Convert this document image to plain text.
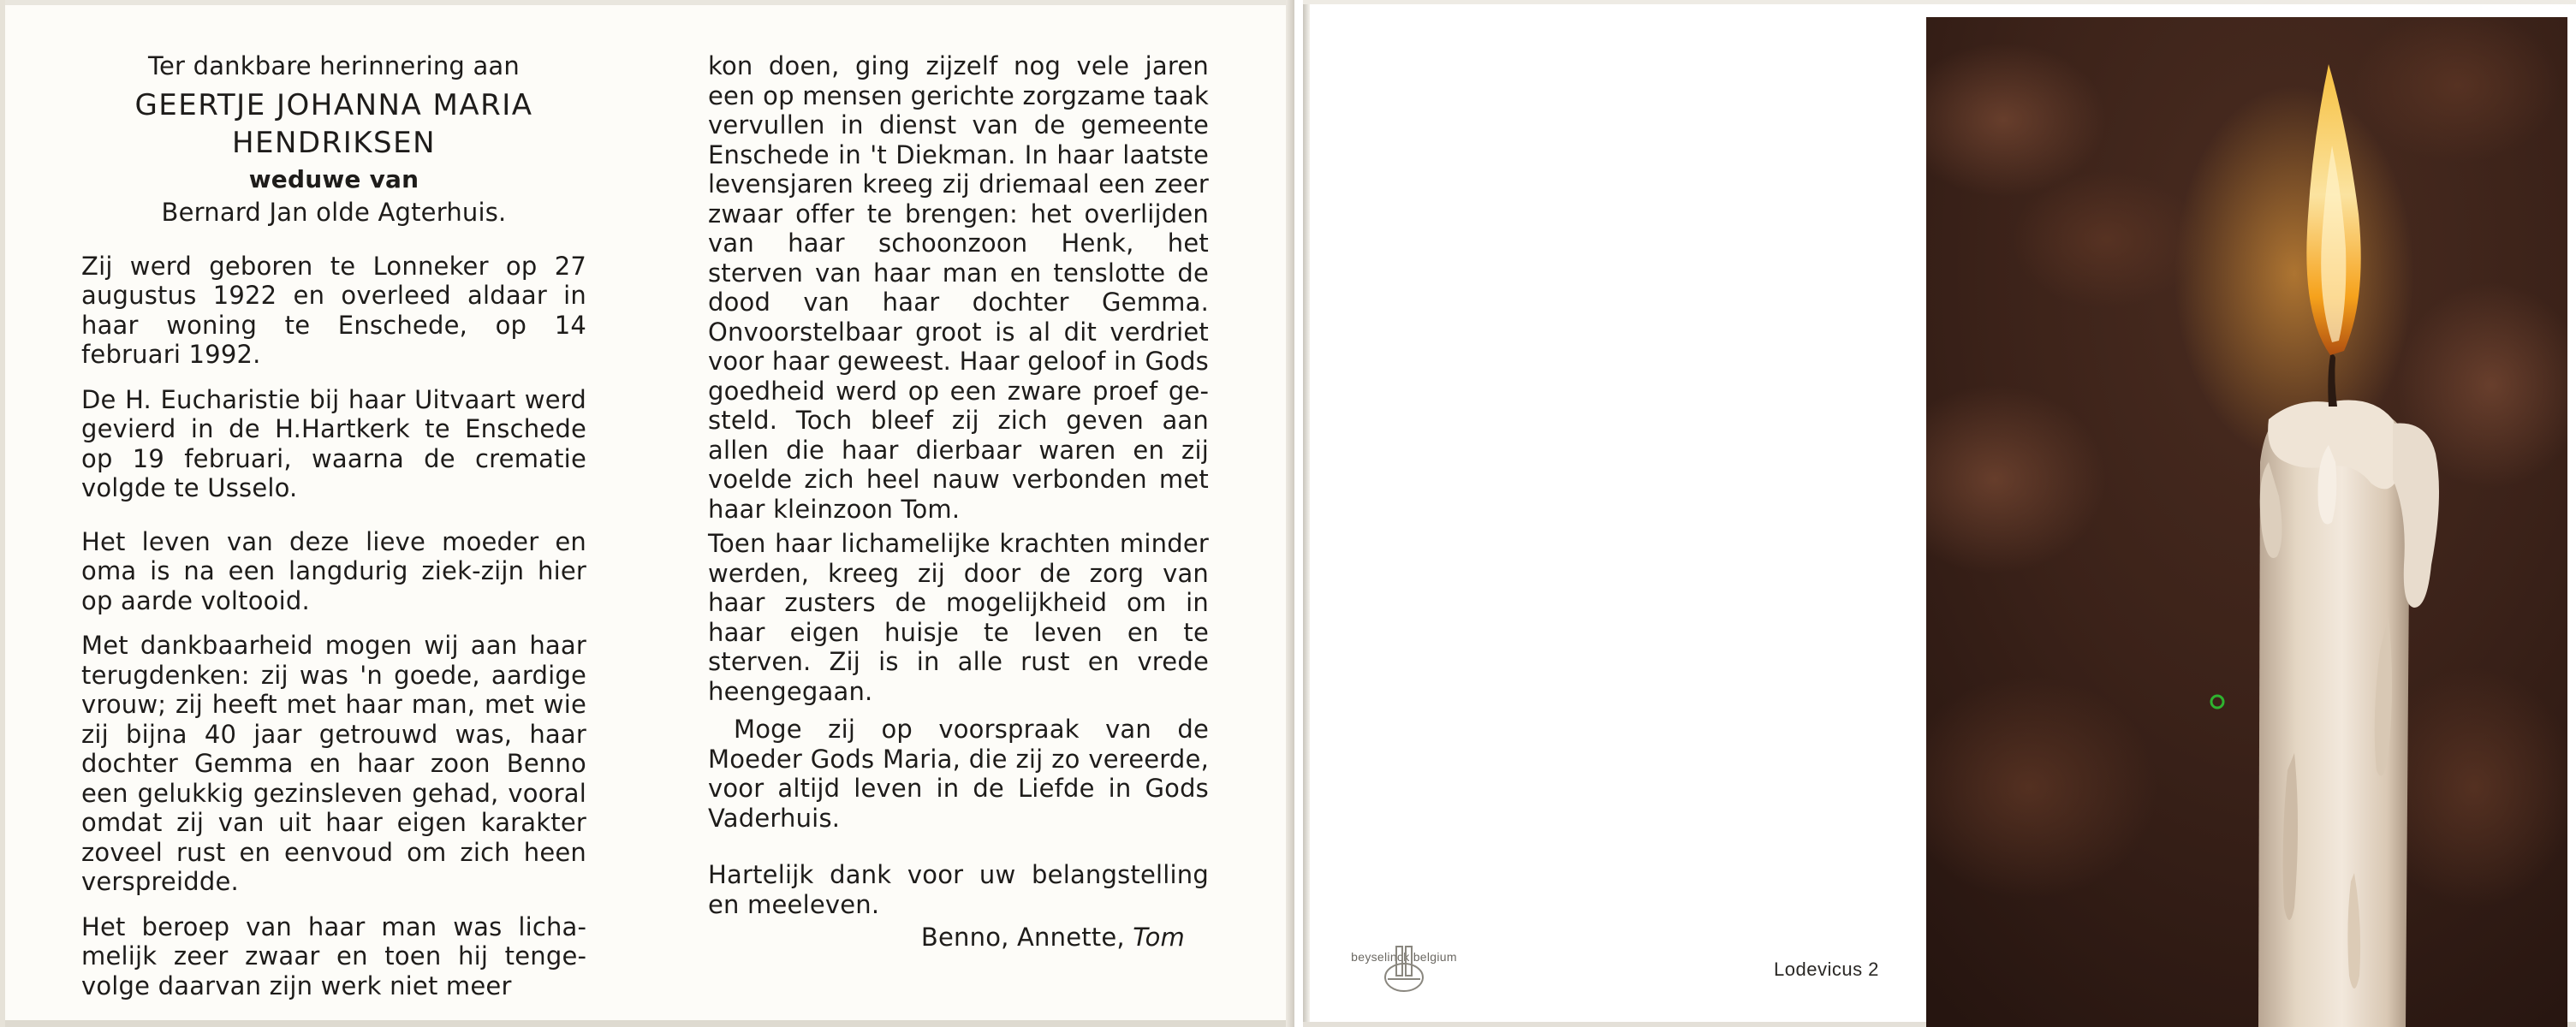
Ter dankbare herinnering aan

GEERTJE JOHANNA MARIA

HENDRIKSEN

weduwe van

Bernard Jan olde Agterhuis.

Zij werd geboren te Lonneker op 27 augustus 1922 en overleed aldaar in haar woning te Enschede, op 14 februari 1992.

De H. Eucharistie bij haar Uitvaart werd gevierd in de H.Hartkerk te Enschede op 19 februari, waarna de crematie volgde te Usselo.

Het leven van deze lieve moeder en oma is na een langdurig ziek-zijn hier op aarde voltooid.

Met dankbaarheid mogen wij aan haar terugdenken: zij was 'n goede, aardige vrouw; zij heeft met haar man, met wie zij bijna 40 jaar getrouwd was, haar dochter Gemma en haar zoon Benno een gelukkig gezinsleven gehad, vooral omdat zij van uit haar eigen karakter zoveel rust en eenvoud om zich heen verspreidde.

Het beroep van haar man was lichamelijk zeer zwaar en toen hij tengevolge daarvan zijn werk niet meer

kon doen, ging zijzelf nog vele jaren een op mensen gerichte zorgzame taak vervullen in dienst van de gemeente Enschede in 't Diekman. In haar laatste levensjaren kreeg zij driemaal een zeer zwaar offer te brengen: het overlijden van haar schoonzoon Henk, het sterven van haar man en tenslotte de dood van haar dochter Gemma. Onvoorstelbaar groot is al dit verdriet voor haar geweest. Haar geloof in Gods goedheid werd op een zware proef gesteld. Toch bleef zij zich geven aan allen die haar dierbaar waren en zij voelde zich heel nauw verbonden met haar kleinzoon Tom.

Toen haar lichamelijke krachten minder werden, kreeg zij door de zorg van haar zusters de mogelijkheid om in haar eigen huisje te leven en te sterven. Zij is in alle rust en vrede heengegaan.

Moge zij op voorspraak van de Moeder Gods Maria, die zij zo vereerde, voor altijd leven in de Liefde in Gods Vaderhuis.

Hartelijk dank voor uw belangstelling en meeleven.

Benno, Annette, Tom

beyselinck belgium
Lodevicus 2
